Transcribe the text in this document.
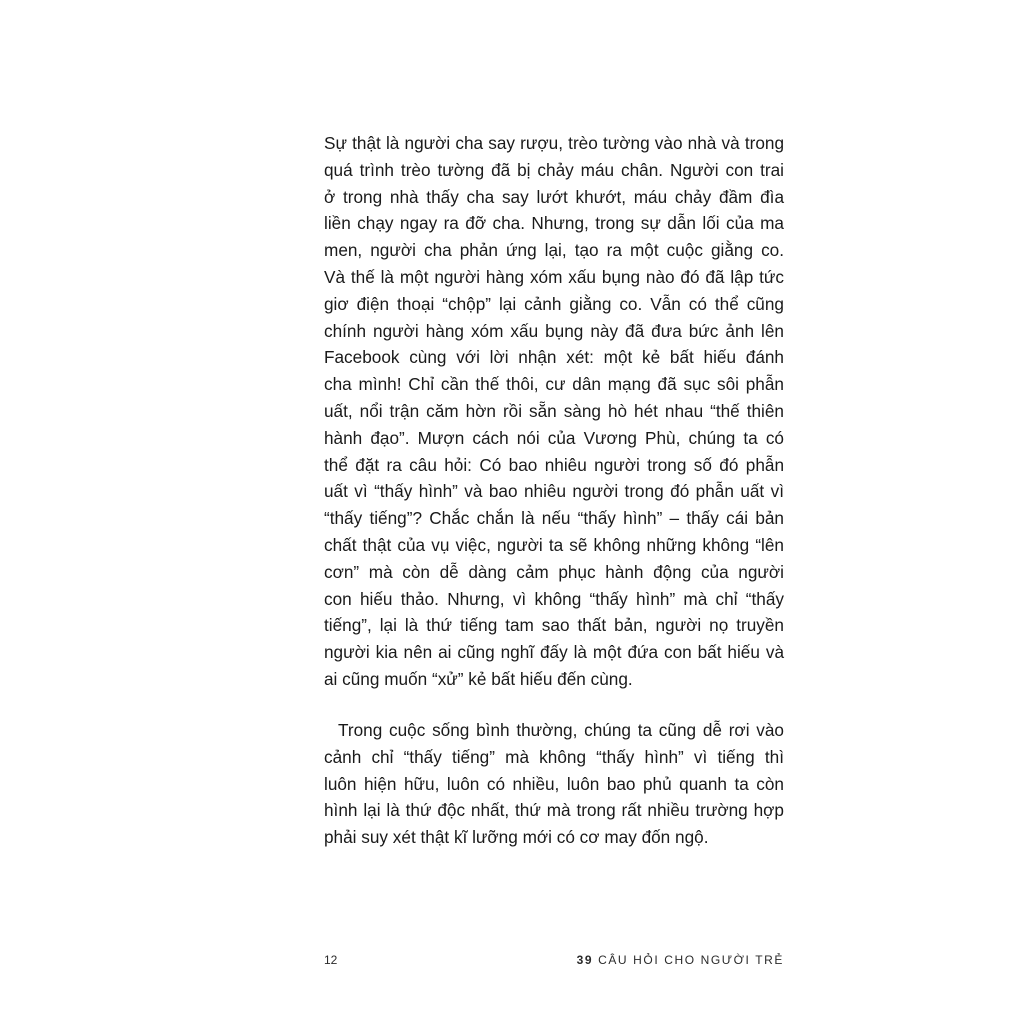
Sự thật là người cha say rượu, trèo tường vào nhà và trong
quá trình trèo tường đã bị chảy máu chân. Người con trai
ở trong nhà thấy cha say lướt khướt, máu chảy đầm đìa
liền chạy ngay ra đỡ cha. Nhưng, trong sự dẫn lối của ma
men, người cha phản ứng lại, tạo ra một cuộc giằng co.
Và thế là một người hàng xóm xấu bụng nào đó đã lập tức
giơ điện thoại “chộp” lại cảnh giằng co. Vẫn có thể cũng
chính người hàng xóm xấu bụng này đã đưa bức ảnh lên
Facebook cùng với lời nhận xét: một kẻ bất hiếu đánh
cha mình! Chỉ cần thế thôi, cư dân mạng đã sục sôi phẫn
uất, nổi trận căm hờn rồi sẵn sàng hò hét nhau “thế thiên
hành đạo”. Mượn cách nói của Vương Phù, chúng ta có
thể đặt ra câu hỏi: Có bao nhiêu người trong số đó phẫn
uất vì “thấy hình” và bao nhiêu người trong đó phẫn uất vì
“thấy tiếng”? Chắc chắn là nếu “thấy hình” – thấy cái bản
chất thật của vụ việc, người ta sẽ không những không “lên
cơn” mà còn dễ dàng cảm phục hành động của người
con hiếu thảo. Nhưng, vì không “thấy hình” mà chỉ “thấy
tiếng”, lại là thứ tiếng tam sao thất bản, người nọ truyền
người kia nên ai cũng nghĩ đấy là một đứa con bất hiếu và
ai cũng muốn “xử” kẻ bất hiếu đến cùng.

Trong cuộc sống bình thường, chúng ta cũng dễ rơi vào
cảnh chỉ “thấy tiếng” mà không “thấy hình” vì tiếng thì
luôn hiện hữu, luôn có nhiều, luôn bao phủ quanh ta còn
hình lại là thứ độc nhất, thứ mà trong rất nhiều trường hợp
phải suy xét thật kĩ lưỡng mới có cơ may đốn ngộ.

12	39 CÂU HỎI CHO NGƯỜI TRẺ
